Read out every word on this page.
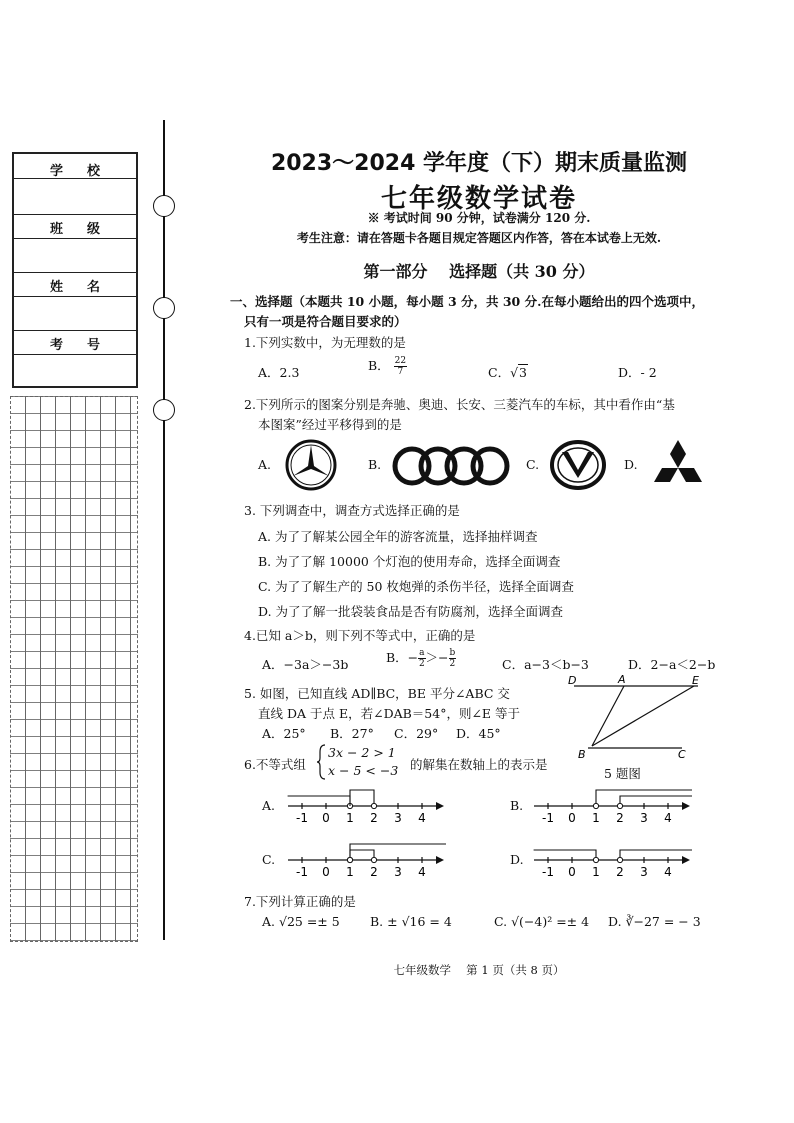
学校
班级
姓名
考号
2023～2024 学年度（下）期末质量监测
七年级数学试卷
※ 考试时间 90 分钟，试卷满分 120 分.
考生注意：请在答题卡各题目规定答题区内作答，答在本试卷上无效.
第一部分　 选择题（共 30 分）
一、选择题（本题共 10 小题，每小题 3 分，共 30 分.在每小题给出的四个选项中，
只有一项是符合题目要求的）
1.下列实数中，为无理数的是
A．2.3	B． $\frac{22}{7}$	C．√3	D．- 2
2.下列所示的图案分别是奔驰、奥迪、长安、三菱汽车的车标，其中看作由“基
本图案”经过平移得到的是
A.	B.	C.	D.
3. 下列调查中，调查方式选择正确的是
A. 为了了解某公园全年的游客流量，选择抽样调查
B. 为了了解 10000 个灯泡的使用寿命，选择全面调查
C. 为了了解生产的 50 枚炮弹的杀伤半径，选择全面调查
D. 为了了解一批袋装食品是否有防腐剂，选择全面调查
4.已知 a＞b，则下列不等式中，正确的是
A．−3a＞−3b	B．− $\frac{a}{2} >- \frac{b}{2}$	C．a−3＜b−3	D．2−a＜2−b
5. 如图，已知直线 AD∥BC，BE 平分∠ABC 交
直线 DA 于点 E，若∠DAB＝54°，则∠E 等于
A．25° B．27° C．29° D．45°
D	A	E
B	C
5 题图
6.不等式组
3x − 2 > 1
x − 5 < −3 的解集在数轴上的表示是
A.
-1 0 1 2 3 4
B.
-1 0 1 2 3 4
C.
-1 0 1 2 3 4
D.
-1 0 1 2 3 4
7.下列计算正确的是
A. √25 =± 5 B. ± √16 = 4	C. √(−4)² =± 4 D. ∛−27 = − 3
七年级数学　 第 1 页（共 8 页）
